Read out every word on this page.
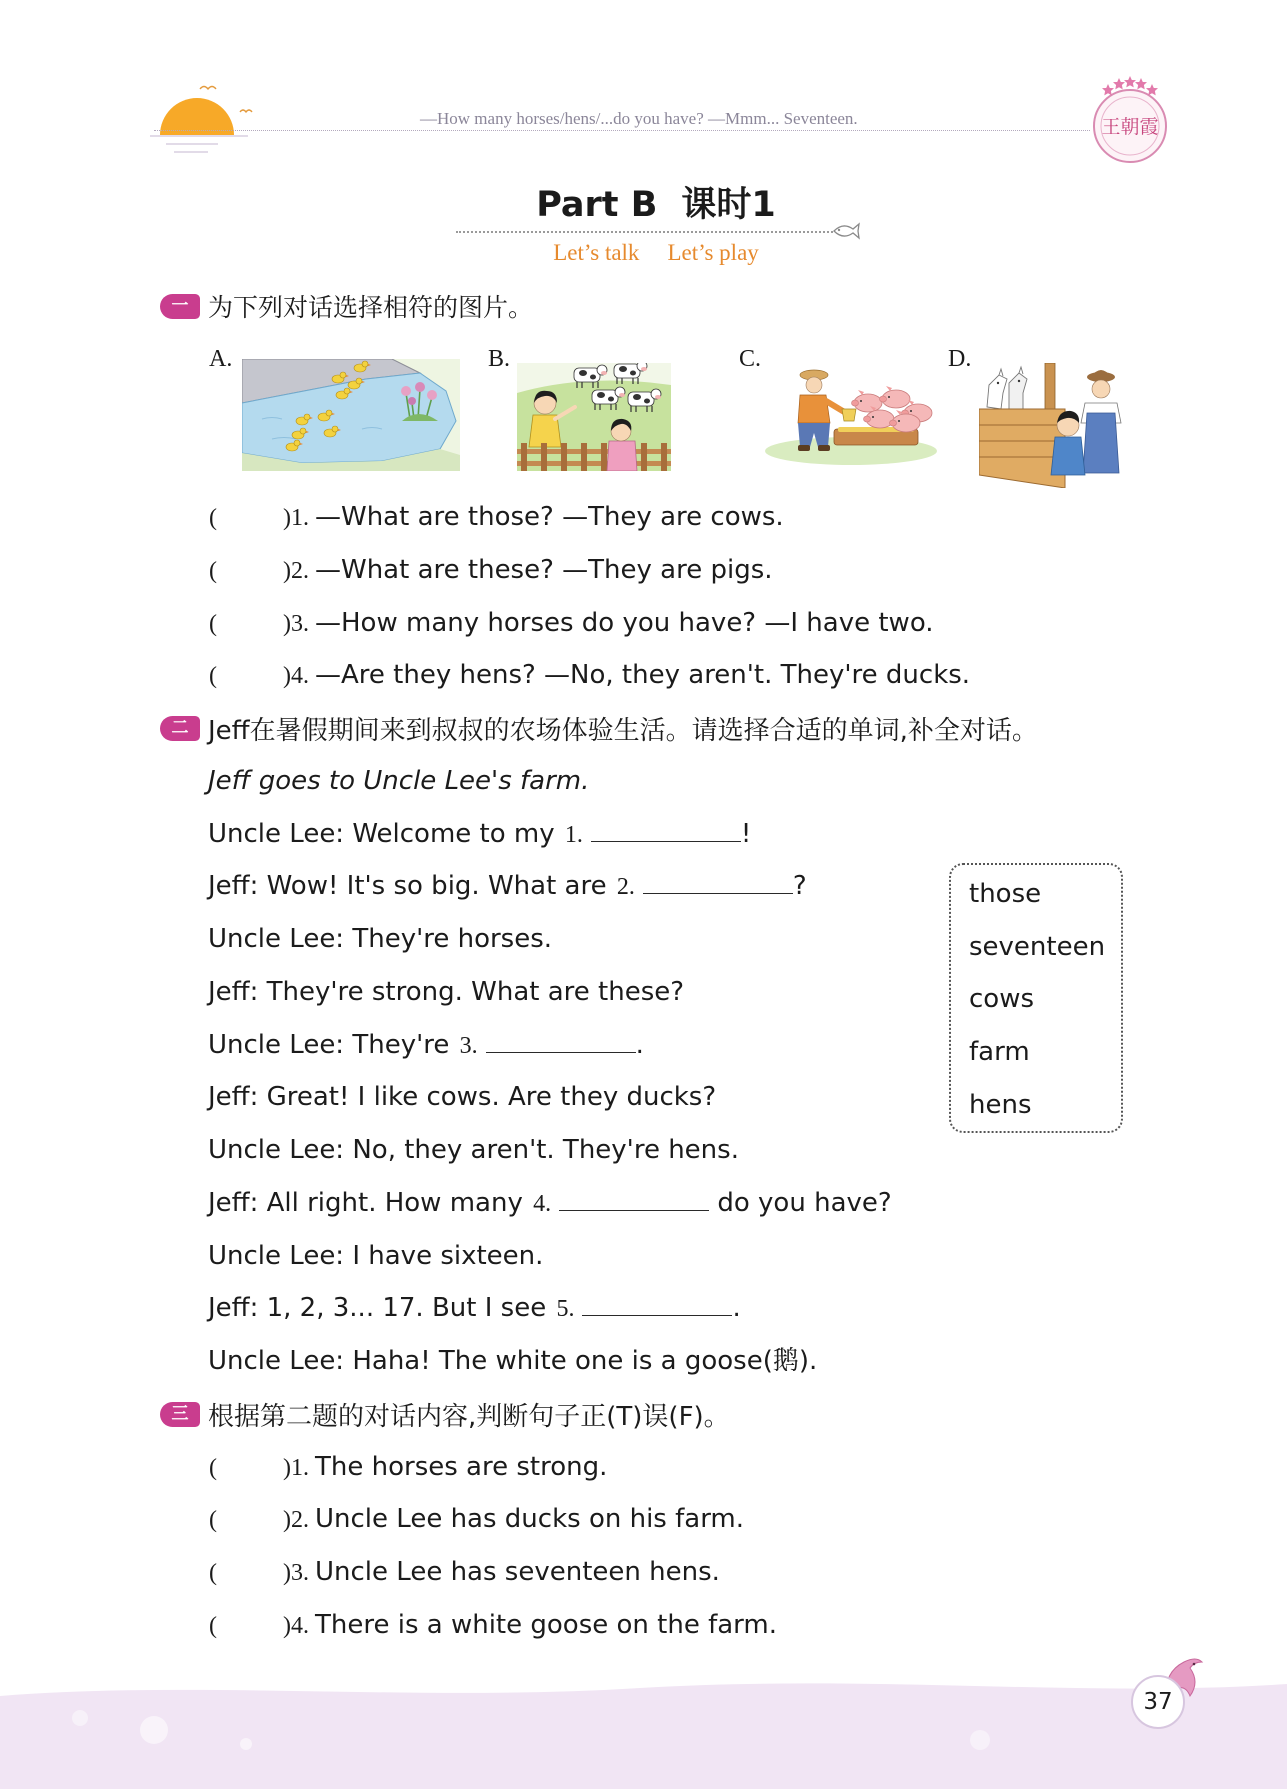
—How many horses/hens/...do you have? —Mmm... Seventeen.	王朝霞
Part B 课时1
Let’s talk Let’s play
一 为下列对话选择相符的图片。
A.	B.	C.	D.
(	)1. —What are those? —They are cows.
(	)2. —What are these? —They are pigs.
(	)3. —How many horses do you have? —I have two.
(	)4. —Are they hens? —No, they aren't. They're ducks.
二 Jeff在暑假期间来到叔叔的农场体验生活。请选择合适的单词,补全对话。
Jeff goes to Uncle Lee's farm.
Uncle Lee: Welcome to my 1.	!
Jeff: Wow! It's so big. What are 2.	?
Uncle Lee: They're horses.
Jeff: They're strong. What are these?
Uncle Lee: They're 3.	.
Jeff: Great! I like cows. Are they ducks?
Uncle Lee: No, they aren't. They're hens.
Jeff: All right. How many 4.	do you have?
Uncle Lee: I have sixteen.
Jeff: 1, 2, 3... 17. But I see 5.	.
Uncle Lee: Haha! The white one is a goose(鹅).
三 根据第二题的对话内容,判断句子正(T)误(F)。
(	)1. The horses are strong.
(	)2. Uncle Lee has ducks on his farm.
(	)3. Uncle Lee has seventeen hens.
(	)4. There is a white goose on the farm.
those
seventeen
cows
farm
hens
37
